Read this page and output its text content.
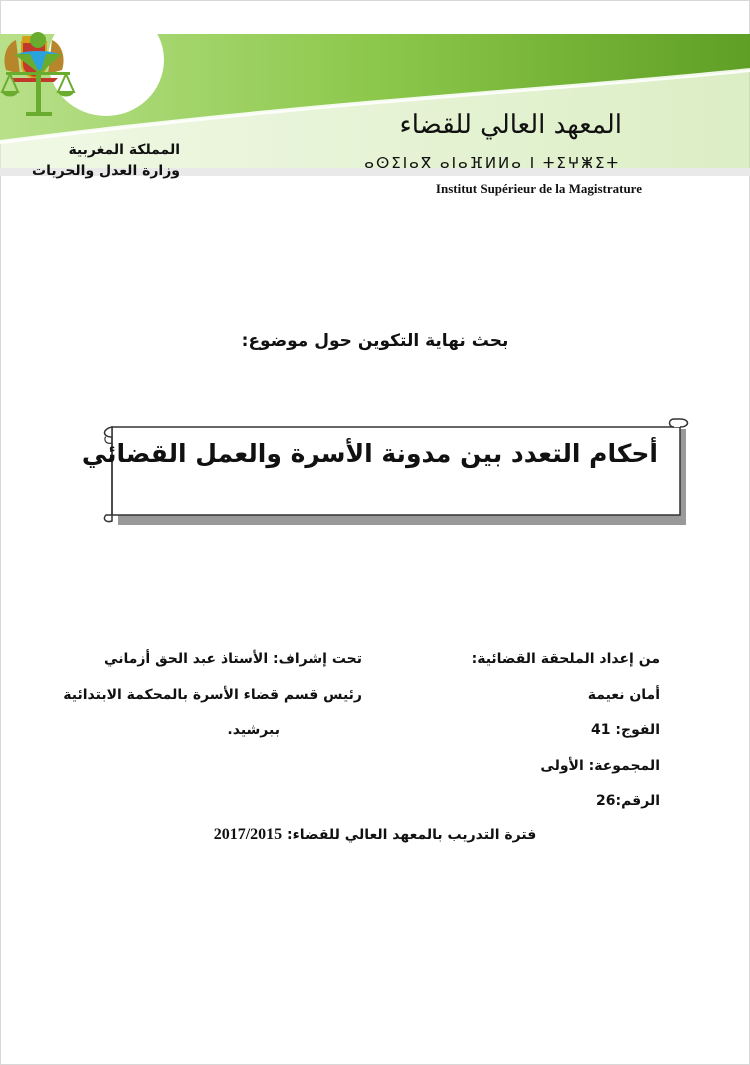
المملكة المغربية
وزارة العدل والحريات
المعهد العالي للقضاء
ⴰⵙⵉⵏⴰⴳ ⴰⵏⴰⴼⵍⵍⴰ ⵏ ⵜⵉⵖⵥⵉⵜ
Institut Supérieur de la Magistrature
بحث نهاية التكوين حول موضوع:
أحكام التعدد بين مدونة الأسرة والعمل القضائي
من إعداد الملحقة القضائية:
تحت إشراف: الأستاذ عبد الحق أزماني
أمان نعيمة
رئيس قسم قضاء الأسرة بالمحكمة الابتدائية
الفوج: 41
ببرشيد.
المجموعة: الأولى
الرقم:26
فترة التدريب بالمعهد العالي للقضاء: 2017/2015
